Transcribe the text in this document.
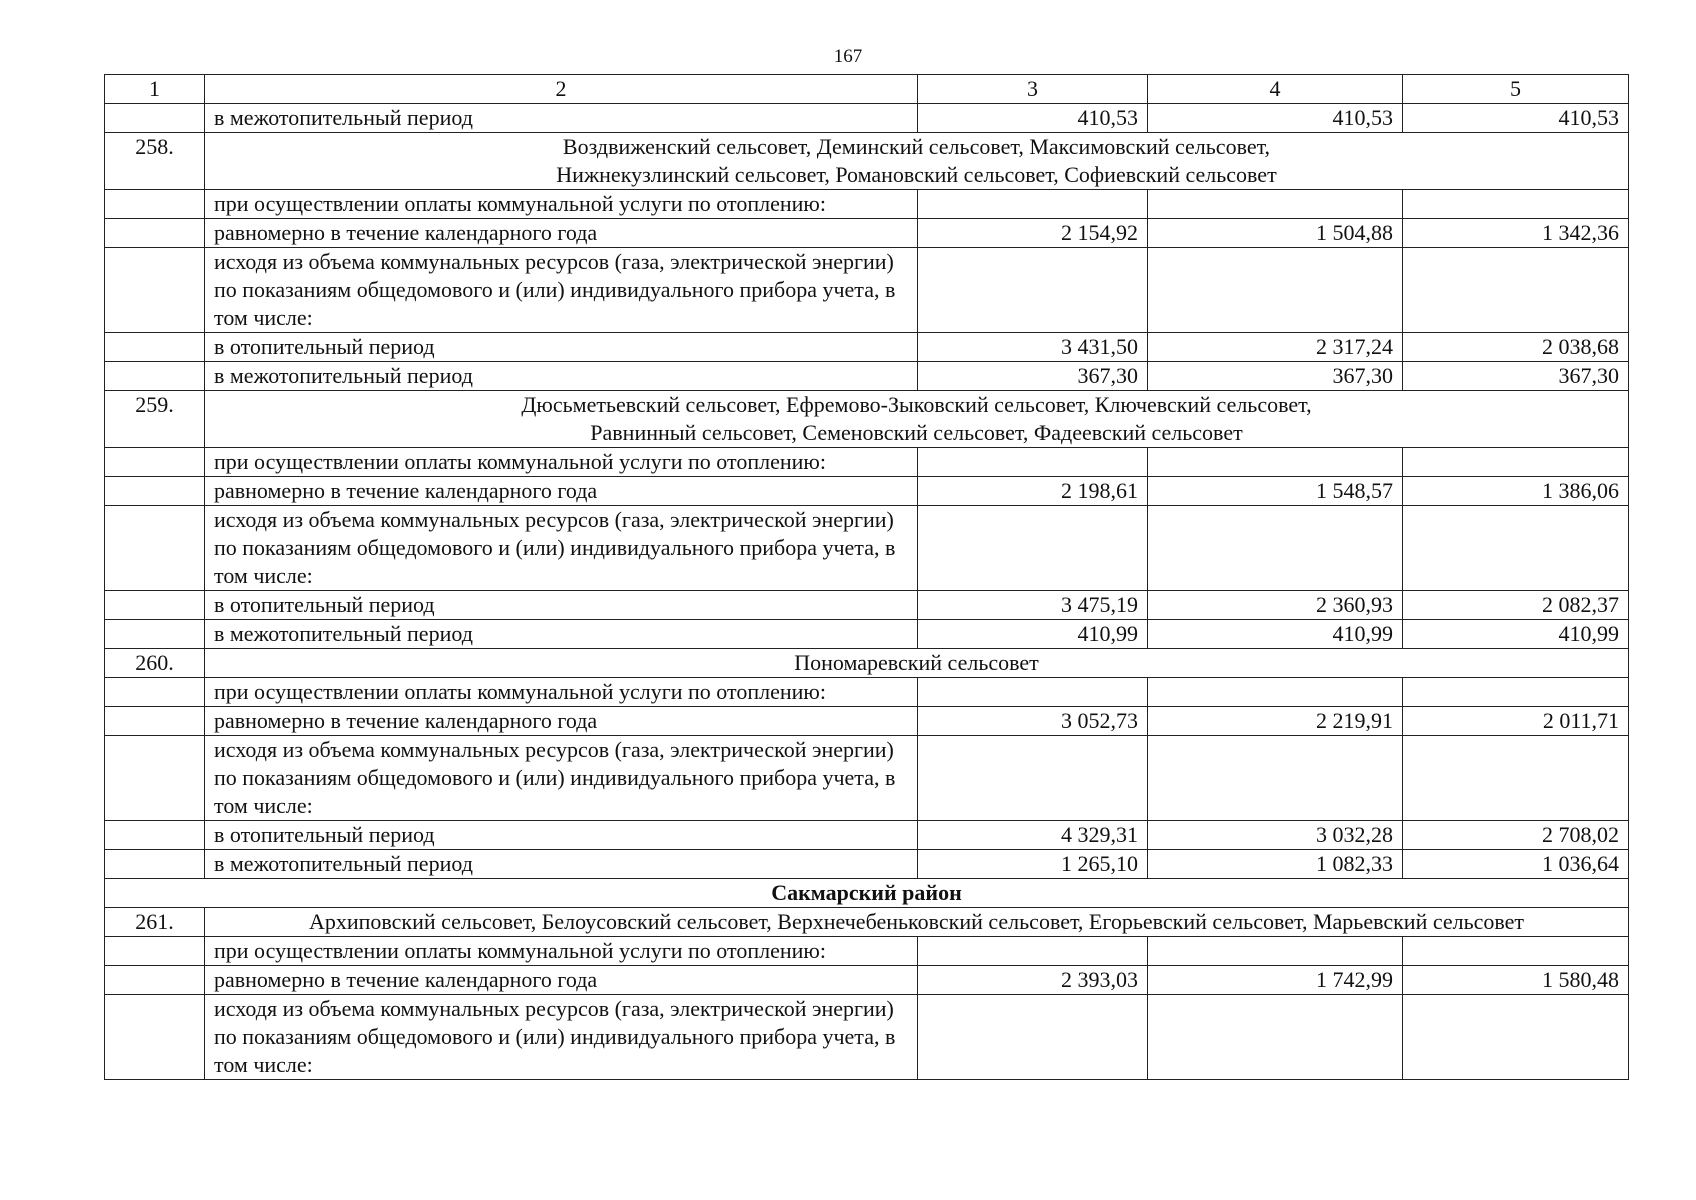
167
1	2	3	4	5
	в межотопительный период	410,53	410,53	410,53
258.	Воздвиженский сельсовет, Деминский сельсовет, Максимовский сельсовет,
Нижнекузлинский сельсовет, Романовский сельсовет, Софиевский сельсовет			
	при осуществлении оплаты коммунальной услуги по отоплению:			
	равномерно в течение календарного года	2 154,92	1 504,88	1 342,36
	исходя из объема коммунальных ресурсов (газа, электрической энергии) по показаниям общедомового и (или) индивидуального прибора учета, в том числе:			
	в отопительный период	3 431,50	2 317,24	2 038,68
	в межотопительный период	367,30	367,30	367,30
259.	Дюсьметьевский сельсовет, Ефремово-Зыковский сельсовет, Ключевский сельсовет,
Равнинный сельсовет, Семеновский сельсовет, Фадеевский сельсовет			
	при осуществлении оплаты коммунальной услуги по отоплению:			
	равномерно в течение календарного года	2 198,61	1 548,57	1 386,06
	исходя из объема коммунальных ресурсов (газа, электрической энергии) по показаниям общедомового и (или) индивидуального прибора учета, в том числе:			
	в отопительный период	3 475,19	2 360,93	2 082,37
	в межотопительный период	410,99	410,99	410,99
260.	Пономаревский сельсовет			
	при осуществлении оплаты коммунальной услуги по отоплению:			
	равномерно в течение календарного года	3 052,73	2 219,91	2 011,71
	исходя из объема коммунальных ресурсов (газа, электрической энергии) по показаниям общедомового и (или) индивидуального прибора учета, в том числе:			
	в отопительный период	4 329,31	3 032,28	2 708,02
	в межотопительный период	1 265,10	1 082,33	1 036,64
Сакмарский район				
261.	Архиповский сельсовет, Белоусовский сельсовет, Верхнечебеньковский сельсовет, Егорьевский сельсовет, Марьевский сельсовет			
	при осуществлении оплаты коммунальной услуги по отоплению:			
	равномерно в течение календарного года	2 393,03	1 742,99	1 580,48
	исходя из объема коммунальных ресурсов (газа, электрической энергии) по показаниям общедомового и (или) индивидуального прибора учета, в том числе:			
